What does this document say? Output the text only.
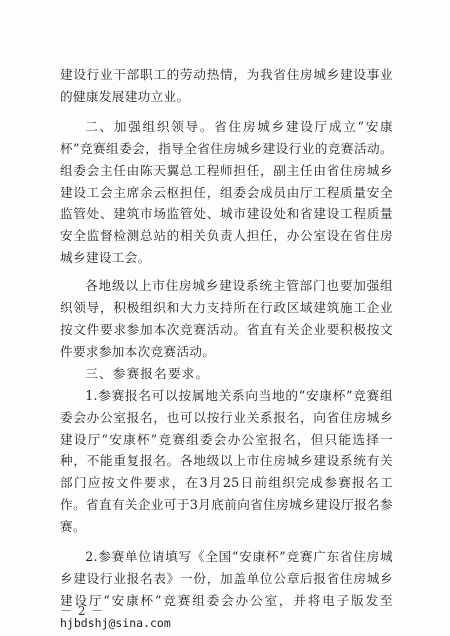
建设行业干部职工的劳动热情，为我省住房城乡建设事业的健康发展建功立业。

二、加强组织领导。省住房城乡建设厅成立“安康杯”竞赛组委会，指导全省住房城乡建设行业的竞赛活动。组委会主任由陈天翼总工程师担任，副主任由省住房城乡建设工会主席余云枢担任，组委会成员由厅工程质量安全监管处、建筑市场监管处、城市建设处和省建设工程质量安全监督检测总站的相关负责人担任，办公室设在省住房城乡建设工会。

各地级以上市住房城乡建设系统主管部门也要加强组织领导，积极组织和大力支持所在行政区域建筑施工企业按文件要求参加本次竞赛活动。省直有关企业要积极按文件要求参加本次竞赛活动。

三、参赛报名要求。

1.参赛报名可以按属地关系向当地的“安康杯”竞赛组委会办公室报名，也可以按行业关系报名，向省住房城乡建设厅“安康杯”竞赛组委会办公室报名，但只能选择一种，不能重复报名。各地级以上市住房城乡建设系统有关部门应按文件要求，在3月25日前组织完成参赛报名工作。省直有关企业可于3月底前向省住房城乡建设厅报名参赛。

2.参赛单位请填写《全国“安康杯”竞赛广东省住房城乡建设行业报名表》一份，加盖单位公章后报省住房城乡建设厅“安康杯”竞赛组委会办公室，并将电子版发至hjbdshj@sina.com

－ 2 －
